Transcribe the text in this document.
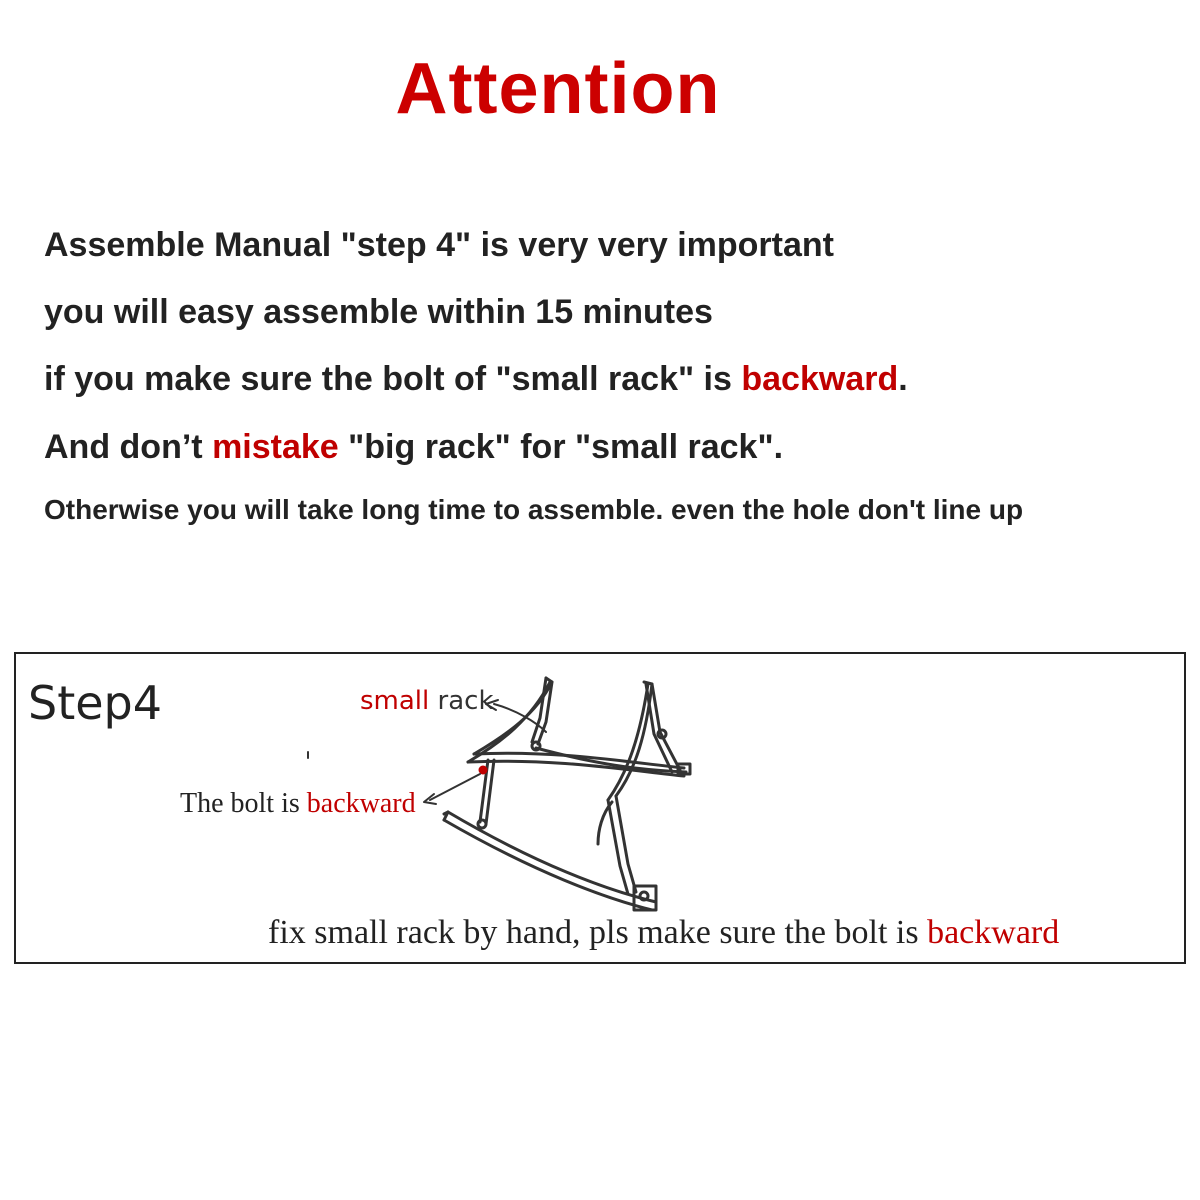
Attention

Assemble Manual "step 4" is very very important

you will easy assemble within 15 minutes

if you make sure the bolt of "small rack" is backward.

And don’t mistake "big rack" for "small rack".

Otherwise you will take long time to assemble. even the hole don't line up

Step4	small rack
The bolt is backward
fix small rack by hand, pls make sure the bolt is backward
